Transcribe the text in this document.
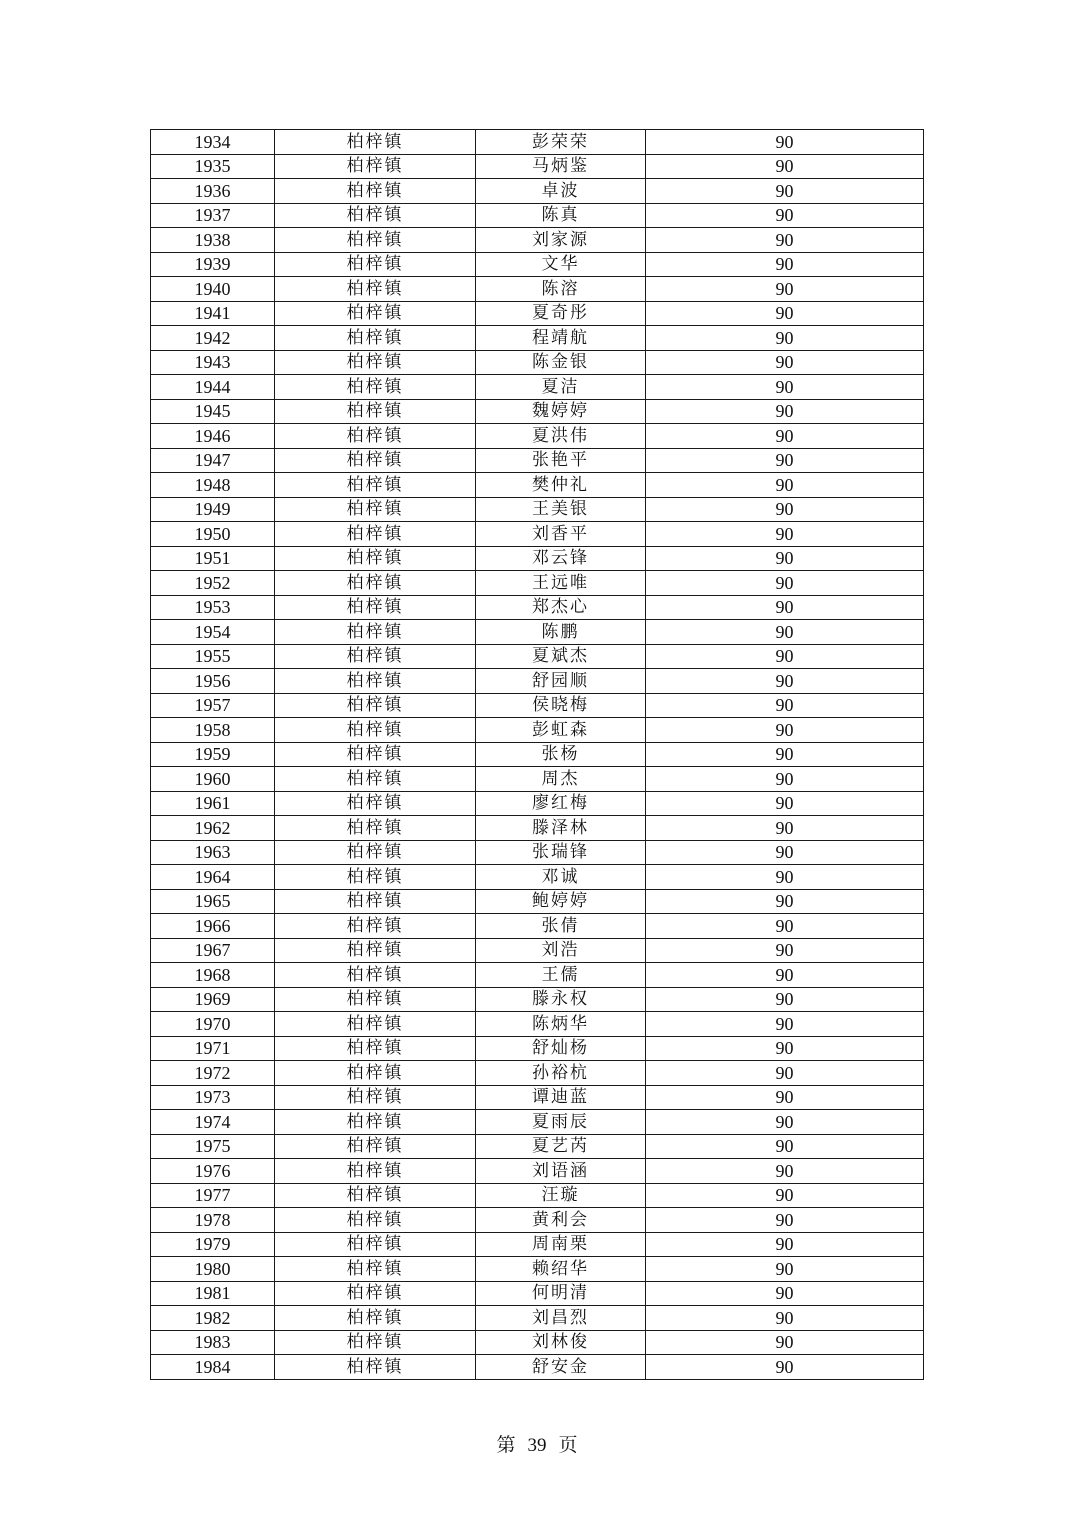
1934	柏梓镇	彭荣荣	90
1935	柏梓镇	马炳鉴	90
1936	柏梓镇	卓波	90
1937	柏梓镇	陈真	90
1938	柏梓镇	刘家源	90
1939	柏梓镇	文华	90
1940	柏梓镇	陈溶	90
1941	柏梓镇	夏奇彤	90
1942	柏梓镇	程靖航	90
1943	柏梓镇	陈金银	90
1944	柏梓镇	夏洁	90
1945	柏梓镇	魏婷婷	90
1946	柏梓镇	夏洪伟	90
1947	柏梓镇	张艳平	90
1948	柏梓镇	樊仲礼	90
1949	柏梓镇	王美银	90
1950	柏梓镇	刘香平	90
1951	柏梓镇	邓云锋	90
1952	柏梓镇	王远唯	90
1953	柏梓镇	郑杰心	90
1954	柏梓镇	陈鹏	90
1955	柏梓镇	夏斌杰	90
1956	柏梓镇	舒园顺	90
1957	柏梓镇	侯晓梅	90
1958	柏梓镇	彭虹森	90
1959	柏梓镇	张杨	90
1960	柏梓镇	周杰	90
1961	柏梓镇	廖红梅	90
1962	柏梓镇	滕泽林	90
1963	柏梓镇	张瑞锋	90
1964	柏梓镇	邓诚	90
1965	柏梓镇	鲍婷婷	90
1966	柏梓镇	张倩	90
1967	柏梓镇	刘浩	90
1968	柏梓镇	王儒	90
1969	柏梓镇	滕永权	90
1970	柏梓镇	陈炳华	90
1971	柏梓镇	舒灿杨	90
1972	柏梓镇	孙裕杭	90
1973	柏梓镇	谭迪蓝	90
1974	柏梓镇	夏雨辰	90
1975	柏梓镇	夏艺芮	90
1976	柏梓镇	刘语涵	90
1977	柏梓镇	汪璇	90
1978	柏梓镇	黄利会	90
1979	柏梓镇	周南栗	90
1980	柏梓镇	赖绍华	90
1981	柏梓镇	何明清	90
1982	柏梓镇	刘昌烈	90
1983	柏梓镇	刘林俊	90
1984	柏梓镇	舒安金	90
第 39 页
